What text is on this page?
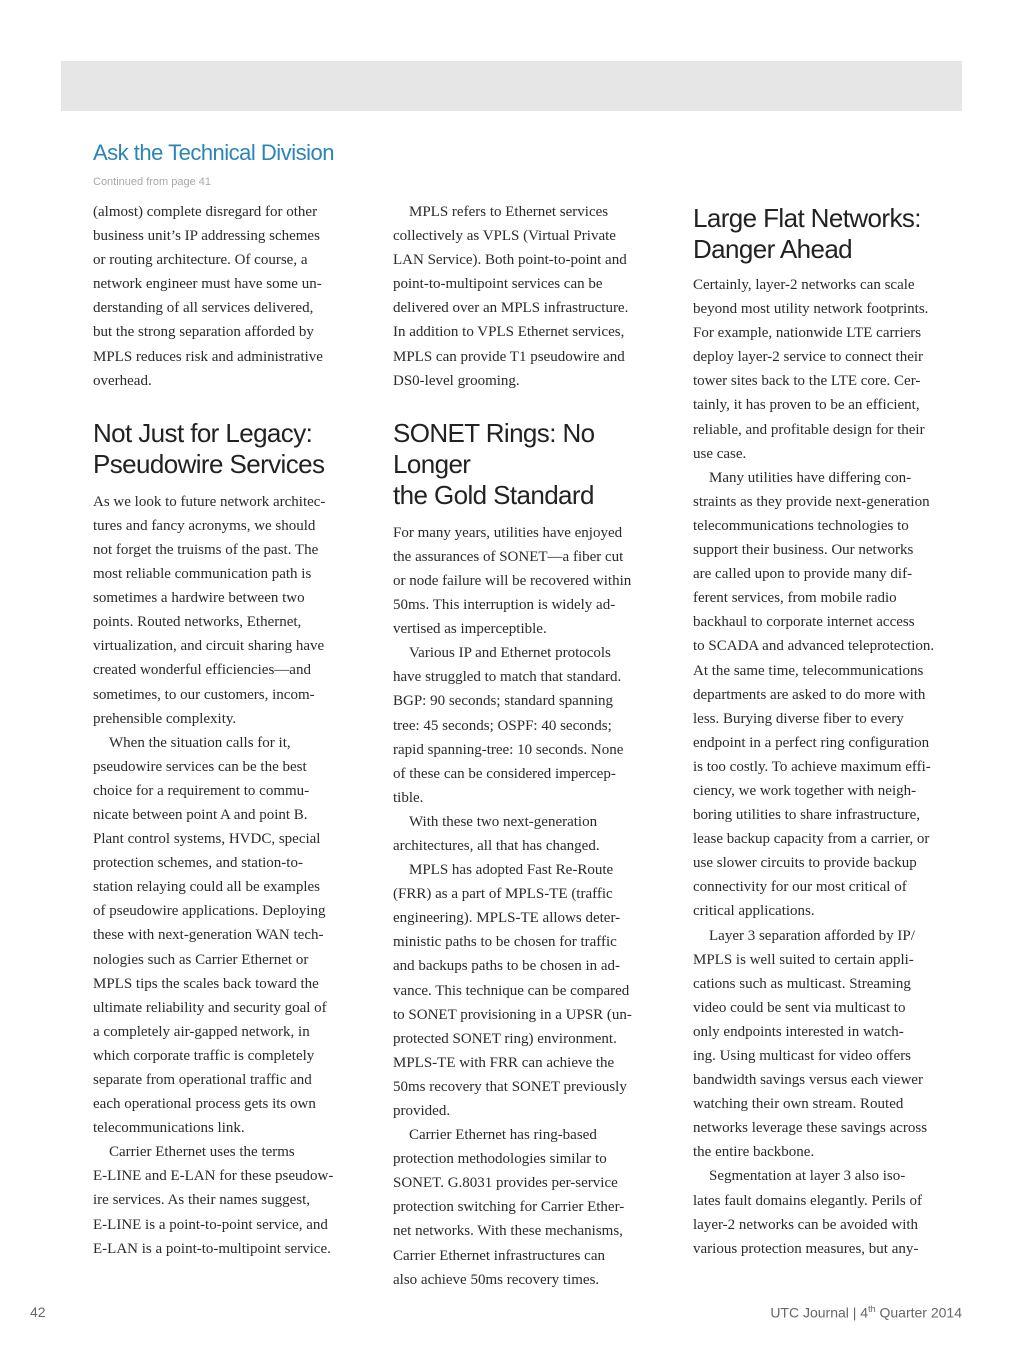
Ask the Technical Division
Continued from page 41

(almost) complete disregard for other
business unit’s IP addressing schemes
or routing architecture. Of course, a
network engineer must have some un-
derstanding of all services delivered,
but the strong separation afforded by
MPLS reduces risk and administrative
overhead.

Not Just for Legacy:
Pseudowire Services

As we look to future network architec-
tures and fancy acronyms, we should
not forget the truisms of the past. The
most reliable communication path is
sometimes a hardwire between two
points. Routed networks, Ethernet,
virtualization, and circuit sharing have
created wonderful efficiencies—and
sometimes, to our customers, incom-
prehensible complexity.

When the situation calls for it,
pseudowire services can be the best
choice for a requirement to commu-
nicate between point A and point B.
Plant control systems, HVDC, special
protection schemes, and station-to-
station relaying could all be examples
of pseudowire applications. Deploying
these with next-generation WAN tech-
nologies such as Carrier Ethernet or
MPLS tips the scales back toward the
ultimate reliability and security goal of
a completely air-gapped network, in
which corporate traffic is completely
separate from operational traffic and
each operational process gets its own
telecommunications link.

Carrier Ethernet uses the terms
E-LINE and E-LAN for these pseudow-
ire services. As their names suggest,
E-LINE is a point-to-point service, and
E-LAN is a point-to-multipoint service.

MPLS refers to Ethernet services
collectively as VPLS (Virtual Private
LAN Service). Both point-to-point and
point-to-multipoint services can be
delivered over an MPLS infrastructure.
In addition to VPLS Ethernet services,
MPLS can provide T1 pseudowire and
DS0-level grooming.

SONET Rings: No Longer
the Gold Standard

For many years, utilities have enjoyed
the assurances of SONET—a fiber cut
or node failure will be recovered within
50ms. This interruption is widely ad-
vertised as imperceptible.

Various IP and Ethernet protocols
have struggled to match that standard.
BGP: 90 seconds; standard spanning
tree: 45 seconds; OSPF: 40 seconds;
rapid spanning-tree: 10 seconds. None
of these can be considered impercep-
tible.

With these two next-generation
architectures, all that has changed.

MPLS has adopted Fast Re-Route
(FRR) as a part of MPLS-TE (traffic
engineering). MPLS-TE allows deter-
ministic paths to be chosen for traffic
and backups paths to be chosen in ad-
vance. This technique can be compared
to SONET provisioning in a UPSR (un-
protected SONET ring) environment.
MPLS-TE with FRR can achieve the
50ms recovery that SONET previously
provided.

Carrier Ethernet has ring-based
protection methodologies similar to
SONET. G.8031 provides per-service
protection switching for Carrier Ether-
net networks. With these mechanisms,
Carrier Ethernet infrastructures can
also achieve 50ms recovery times.

Large Flat Networks:
Danger Ahead

Certainly, layer-2 networks can scale
beyond most utility network footprints.
For example, nationwide LTE carriers
deploy layer-2 service to connect their
tower sites back to the LTE core. Cer-
tainly, it has proven to be an efficient,
reliable, and profitable design for their
use case.

Many utilities have differing con-
straints as they provide next-generation
telecommunications technologies to
support their business. Our networks
are called upon to provide many dif-
ferent services, from mobile radio
backhaul to corporate internet access
to SCADA and advanced teleprotection.
At the same time, telecommunications
departments are asked to do more with
less. Burying diverse fiber to every
endpoint in a perfect ring configuration
is too costly. To achieve maximum effi-
ciency, we work together with neigh-
boring utilities to share infrastructure,
lease backup capacity from a carrier, or
use slower circuits to provide backup
connectivity for our most critical of
critical applications.

Layer 3 separation afforded by IP/
MPLS is well suited to certain appli-
cations such as multicast. Streaming
video could be sent via multicast to
only endpoints interested in watch-
ing. Using multicast for video offers
bandwidth savings versus each viewer
watching their own stream. Routed
networks leverage these savings across
the entire backbone.

Segmentation at layer 3 also iso-
lates fault domains elegantly. Perils of
layer-2 networks can be avoided with
various protection measures, but any-

42	UTC Journal | 4th Quarter 2014
